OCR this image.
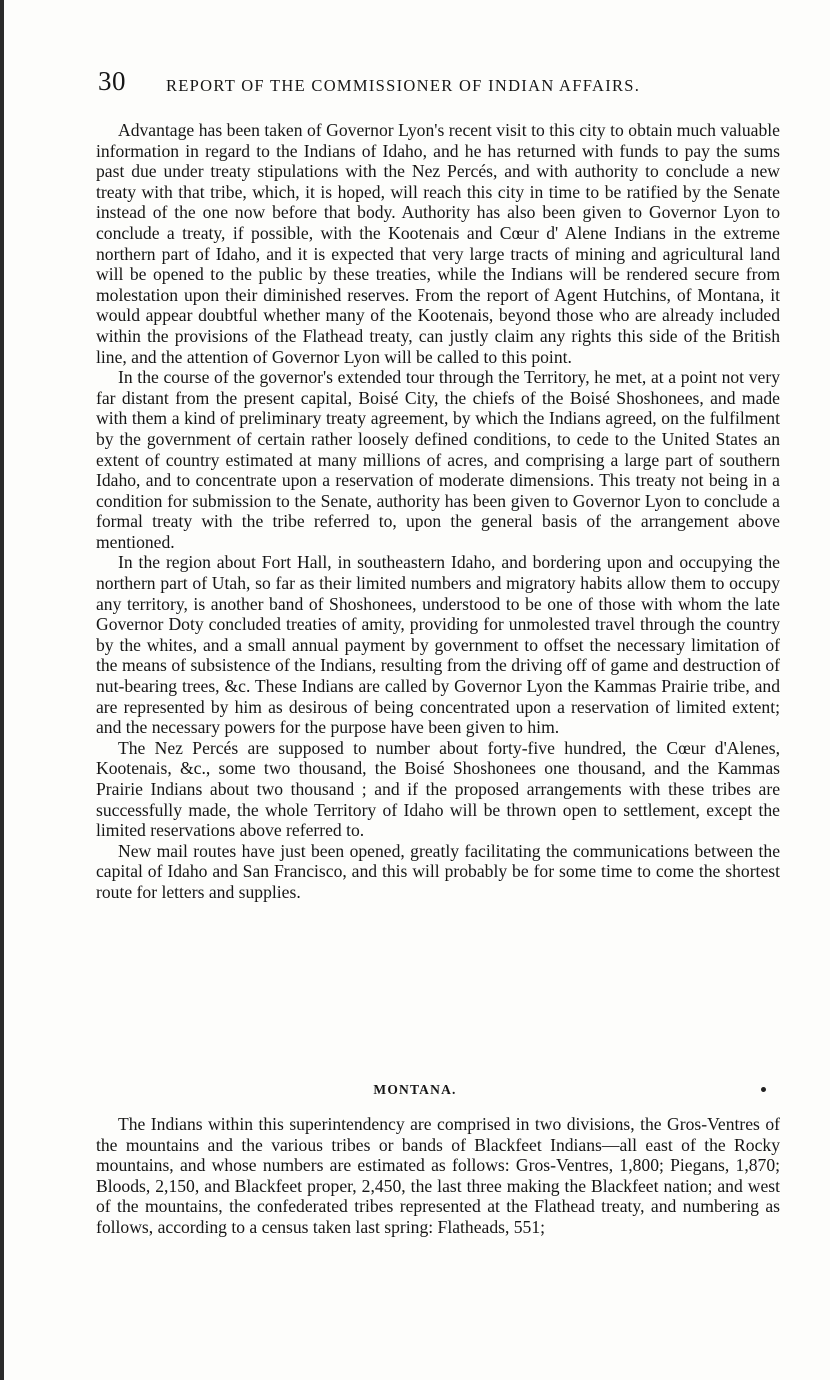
30 REPORT OF THE COMMISSIONER OF INDIAN AFFAIRS.

Advantage has been taken of Governor Lyon's recent visit to this city to obtain much valuable information in regard to the Indians of Idaho, and he has returned with funds to pay the sums past due under treaty stipulations with the Nez Percés, and with authority to conclude a new treaty with that tribe, which, it is hoped, will reach this city in time to be ratified by the Senate instead of the one now before that body. Authority has also been given to Governor Lyon to conclude a treaty, if possible, with the Kootenais and Cœur d' Alene Indians in the extreme northern part of Idaho, and it is expected that very large tracts of mining and agricultural land will be opened to the public by these treaties, while the Indians will be rendered secure from molestation upon their diminished reserves. From the report of Agent Hutchins, of Montana, it would appear doubtful whether many of the Kootenais, beyond those who are already included within the provisions of the Flathead treaty, can justly claim any rights this side of the British line, and the attention of Governor Lyon will be called to this point.

In the course of the governor's extended tour through the Territory, he met, at a point not very far distant from the present capital, Boisé City, the chiefs of the Boisé Shoshonees, and made with them a kind of preliminary treaty agreement, by which the Indians agreed, on the fulfilment by the government of certain rather loosely defined conditions, to cede to the United States an extent of country estimated at many millions of acres, and comprising a large part of southern Idaho, and to concentrate upon a reservation of moderate dimensions. This treaty not being in a condition for submission to the Senate, authority has been given to Governor Lyon to conclude a formal treaty with the tribe referred to, upon the general basis of the arrangement above mentioned.

In the region about Fort Hall, in southeastern Idaho, and bordering upon and occupying the northern part of Utah, so far as their limited numbers and migratory habits allow them to occupy any territory, is another band of Shoshonees, understood to be one of those with whom the late Governor Doty concluded treaties of amity, providing for unmolested travel through the country by the whites, and a small annual payment by government to offset the necessary limitation of the means of subsistence of the Indians, resulting from the driving off of game and destruction of nut-bearing trees, &c. These Indians are called by Governor Lyon the Kammas Prairie tribe, and are represented by him as desirous of being concentrated upon a reservation of limited extent; and the necessary powers for the purpose have been given to him.

The Nez Percés are supposed to number about forty-five hundred, the Cœur d'Alenes, Kootenais, &c., some two thousand, the Boisé Shoshonees one thousand, and the Kammas Prairie Indians about two thousand ; and if the proposed arrangements with these tribes are successfully made, the whole Territory of Idaho will be thrown open to settlement, except the limited reservations above referred to.

New mail routes have just been opened, greatly facilitating the communications between the capital of Idaho and San Francisco, and this will probably be for some time to come the shortest route for letters and supplies.

MONTANA.

The Indians within this superintendency are comprised in two divisions, the Gros-Ventres of the mountains and the various tribes or bands of Blackfeet Indians—all east of the Rocky mountains, and whose numbers are estimated as follows: Gros-Ventres, 1,800; Piegans, 1,870; Bloods, 2,150, and Blackfeet proper, 2,450, the last three making the Blackfeet nation; and west of the mountains, the confederated tribes represented at the Flathead treaty, and numbering as follows, according to a census taken last spring: Flatheads, 551;
